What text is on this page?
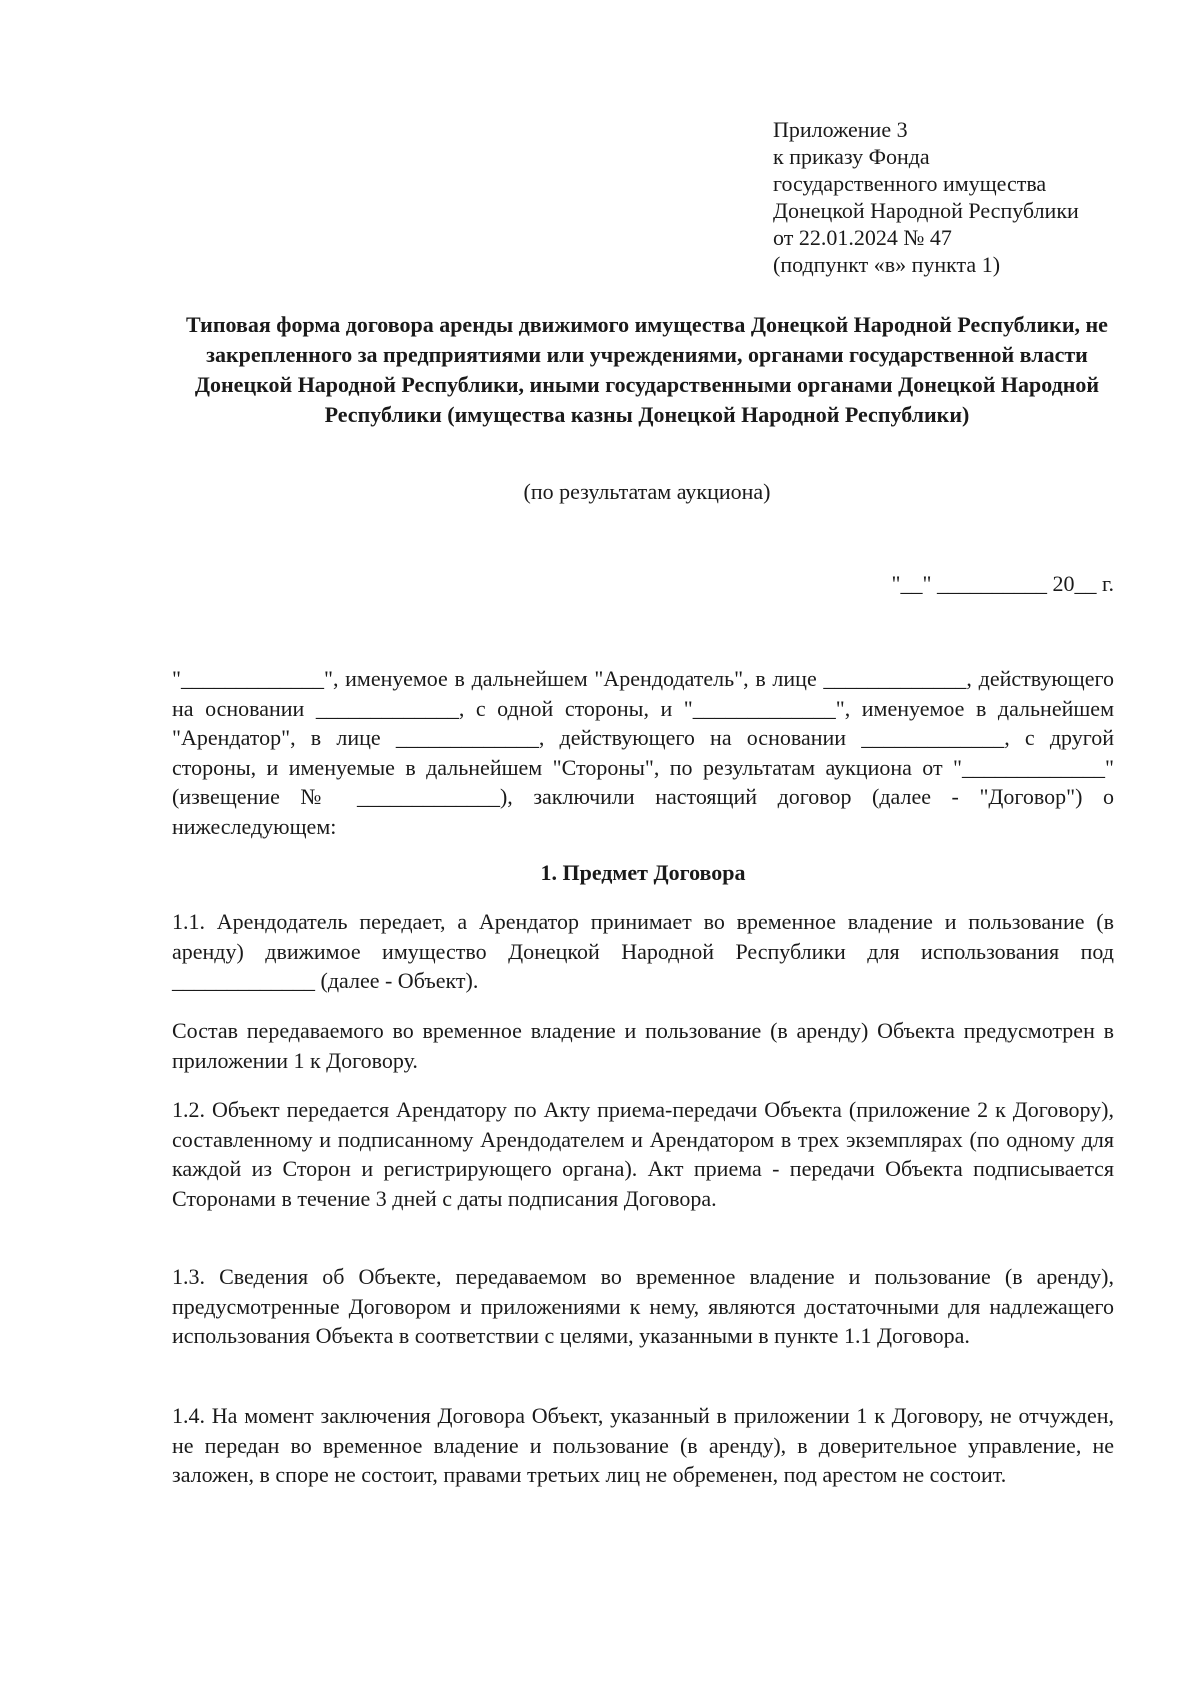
Приложение 3
к приказу Фонда
государственного имущества
Донецкой Народной Республики
от 22.01.2024 № 47
(подпункт «в» пункта 1)
Типовая форма договора аренды движимого имущества Донецкой Народной Республики, не закрепленного за предприятиями или учреждениями, органами государственной власти Донецкой Народной Республики, иными государственными органами Донецкой Народной Республики (имущества казны Донецкой Народной Республики)
(по результатам аукциона)
"__" __________ 20__ г.

"_____________", именуемое в дальнейшем "Арендодатель", в лице _____________, действующего на основании _____________, с одной стороны, и "_____________", именуемое в дальнейшем "Арендатор", в лице _____________, действующего на основании _____________, с другой стороны, и именуемые в дальнейшем "Стороны", по результатам аукциона от "_____________" (извещение № _____________), заключили настоящий договор (далее - "Договор") о нижеследующем:

1. Предмет Договора

1.1. Арендодатель передает, а Арендатор принимает во временное владение и пользование (в аренду) движимое имущество Донецкой Народной Республики для использования под _____________ (далее - Объект).

Состав передаваемого во временное владение и пользование (в аренду) Объекта предусмотрен в приложении 1 к Договору.

1.2. Объект передается Арендатору по Акту приема-передачи Объекта (приложение 2 к Договору), составленному и подписанному Арендодателем и Арендатором в трех экземплярах (по одному для каждой из Сторон и регистрирующего органа). Акт приема - передачи Объекта подписывается Сторонами в течение 3 дней с даты подписания Договора.

1.3. Сведения об Объекте, передаваемом во временное владение и пользование (в аренду), предусмотренные Договором и приложениями к нему, являются достаточными для надлежащего использования Объекта в соответствии с целями, указанными в пункте 1.1 Договора.

1.4. На момент заключения Договора Объект, указанный в приложении 1 к Договору, не отчужден, не передан во временное владение и пользование (в аренду), в доверительное управление, не заложен, в споре не состоит, правами третьих лиц не обременен, под арестом не состоит.
